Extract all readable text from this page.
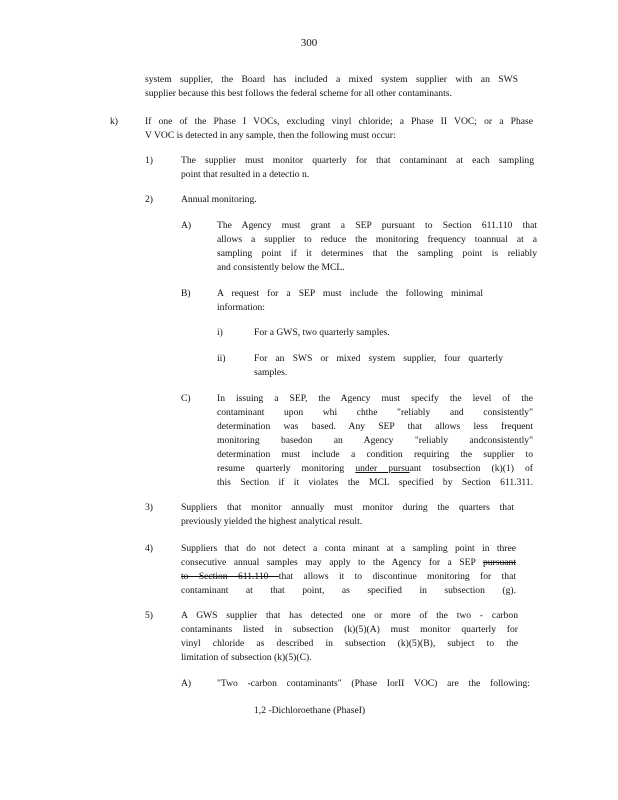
300
system supplier, the Board has included a mixed system supplier with an SWS
supplier because this best follows the federal scheme for all other contaminants.
k)	If one of the Phase I VOCs, excluding vinyl chloride; a Phase II VOC; or a Phase
V VOC is detected in any sample, then the following must occur:
1)	The supplier must monitor quarterly for that contaminant at each sampling
point that resulted in a detectio n.
2)	Annual monitoring.
A)	The Agency must grant a SEP pursuant to Section 611.110 that
allows a supplier to reduce the monitoring frequency toannual at a
sampling point if it determines that the sampling point is reliably
and consistently below the MCL.
B)	A request for a SEP must include the following minimal
information:
i)	For a GWS, two quarterly samples.
ii)	For an SWS or mixed system supplier, four quarterly
samples.
C)	In issuing a SEP, the Agency must specify the level of the
contaminant upon whi chthe "reliably and consistently"
determination was based. Any SEP that allows less frequent
monitoring basedon an Agency "reliably andconsistently"
determination must include a condition requiring the supplier to
resume quarterly monitoring under pursuant tosubsection (k)(1) of
this Section if it violates the MCL specified by Section 611.311.
3)	Suppliers that monitor annually must monitor during the quarters that
previously yielded the highest analytical result.
4)	Suppliers that do not detect a conta minant at a sampling point in three
consecutive annual samples may apply to the Agency for a SEP pursuant
to Section 611.110 that allows it to discontinue monitoring for that
contaminant at that point, as specified in subsection (g).
5)	A GWS supplier that has detected one or more of the two - carbon
contaminants listed in subsection (k)(5)(A) must monitor quarterly for
vinyl chloride as described in subsection (k)(5)(B), subject to the
limitation of subsection (k)(5)(C).
A)	"Two -carbon contaminants" (Phase IorII VOC) are the following:
1,2 -Dichloroethane (PhaseI)
